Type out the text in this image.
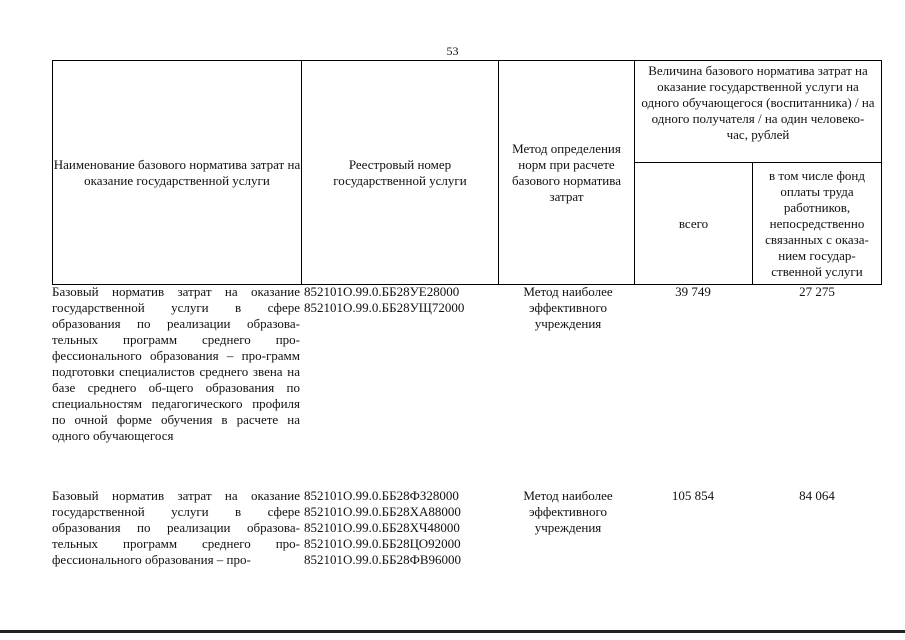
53
Наименование базового норматива затрат на оказание государственной услуги
Реестровый номер государственной услуги
Метод определения норм при расчете базового норматива затрат
Величина базового норматива затрат на оказание государственной услуги на одного обучающегося (воспитанника) / на одного получателя / на один человеко-час, рублей
всего
в том числе фонд оплаты труда работников, непосредственно связанных с оказа-нием государ-ственной услуги
Базовый норматив затрат на оказание государственной услуги в сфере образования по реализации образова-тельных программ среднего про-фессионального образования – про-грамм подготовки специалистов среднего звена на базе среднего об-щего образования по специальностям педагогического профиля по очной форме обучения в расчете на одного обучающегося
852101О.99.0.ББ28УЕ28000
852101О.99.0.ББ28УЩ72000
Метод наиболее эффективного учреждения
39 749	27 275
Базовый норматив затрат на оказание государственной услуги в сфере образования по реализации образова-тельных программ среднего про-фессионального образования – про-
852101О.99.0.ББ28ФЗ28000
852101О.99.0.ББ28ХА88000
852101О.99.0.ББ28ХЧ48000
852101О.99.0.ББ28ЦО92000
852101О.99.0.ББ28ФВ96000
Метод наиболее эффективного учреждения
105 854	84 064
